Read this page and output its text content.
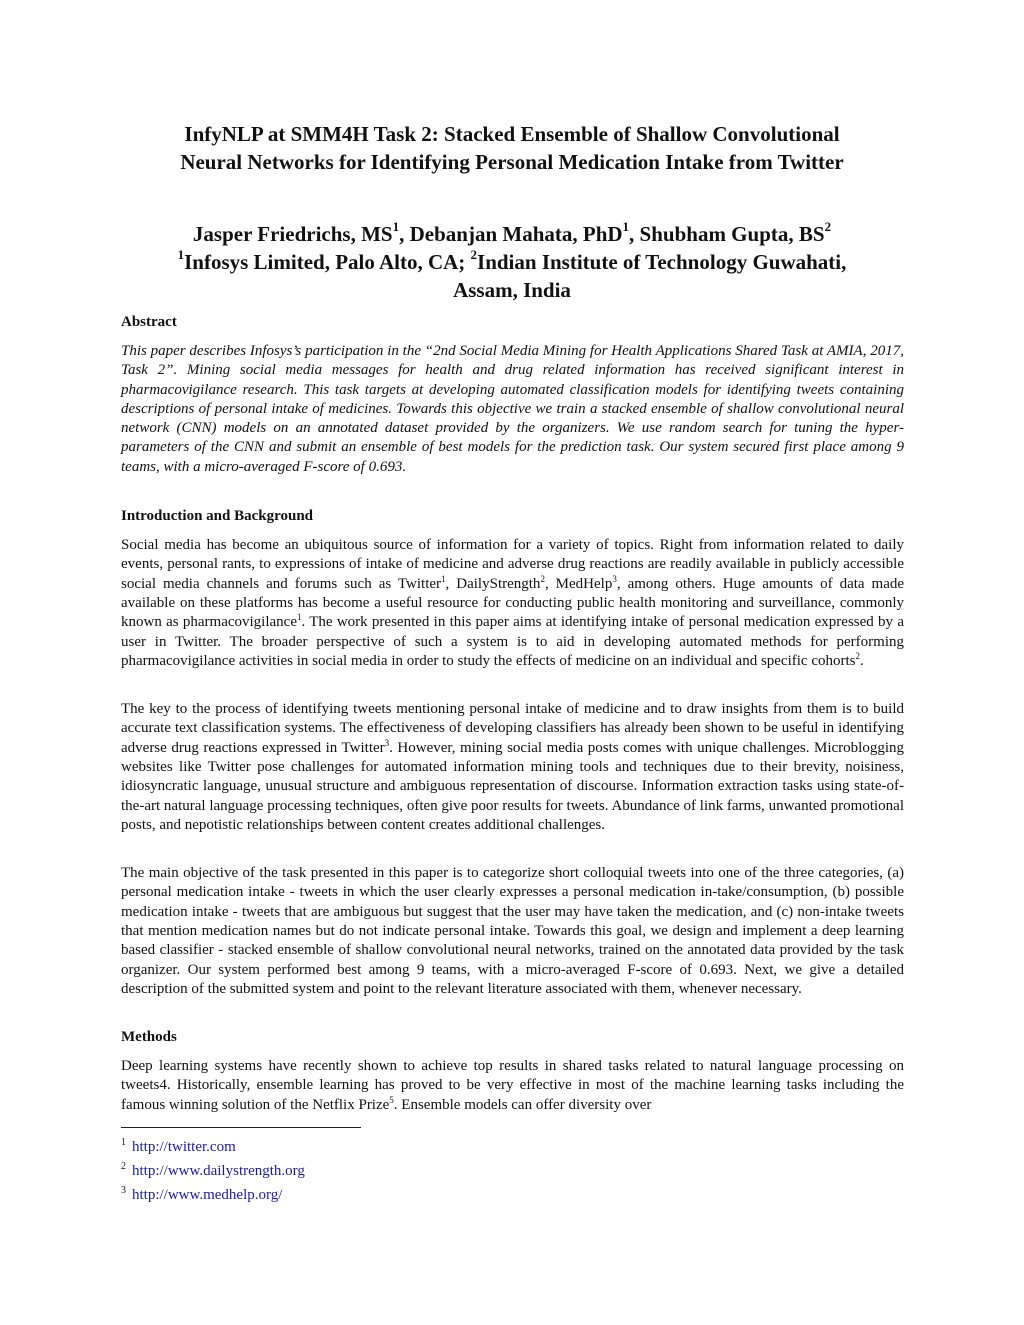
InfyNLP at SMM4H Task 2: Stacked Ensemble of Shallow Convolutional
Neural Networks for Identifying Personal Medication Intake from Twitter
Jasper Friedrichs, $MS^1$, Debanjan Mahata, PhD$^1$, Shubham Gupta, $BS^2$
$^1$Infosys Limited, Palo Alto, CA; $^2$Indian Institute of Technology Guwahati,
Assam, India
Abstract

This paper describes Infosys’s participation in the “2nd Social Media Mining for Health Applications Shared Task at AMIA, 2017, Task 2”. Mining social media messages for health and drug related information has received significant interest in pharmacovigilance research. This task targets at developing automated classification models for identifying tweets containing descriptions of personal intake of medicines. Towards this objective we train a stacked ensemble of shallow convolutional neural network (CNN) models on an annotated dataset provided by the organizers. We use random search for tuning the hyper-parameters of the CNN and submit an ensemble of best models for the prediction task. Our system secured first place among 9 teams, with a micro-averaged F-score of 0.693.

Introduction and Background

Social media has become an ubiquitous source of information for a variety of topics. Right from information related to daily events, personal rants, to expressions of intake of medicine and adverse drug reactions are readily available in publicly accessible social media channels and forums such as Twitter$^1$, DailyStrength$^2$, MedHelp$^3$, among others. Huge amounts of data made available on these platforms has become a useful resource for conducting public health monitoring and surveillance, commonly known as pharmacovigilance$^1$. The work presented in this paper aims at identifying intake of personal medication expressed by a user in Twitter. The broader perspective of such a system is to aid in developing automated methods for performing pharmacovigilance activities in social media in order to study the effects of medicine on an individual and specific cohorts$^2$.

The key to the process of identifying tweets mentioning personal intake of medicine and to draw insights from them is to build accurate text classification systems. The effectiveness of developing classifiers has already been shown to be useful in identifying adverse drug reactions expressed in Twitter$^3$. However, mining social media posts comes with unique challenges. Microblogging websites like Twitter pose challenges for automated information mining tools and techniques due to their brevity, noisiness, idiosyncratic language, unusual structure and ambiguous representation of discourse. Information extraction tasks using state-of-the-art natural language processing techniques, often give poor results for tweets. Abundance of link farms, unwanted promotional posts, and nepotistic relationships between content creates additional challenges.

The main objective of the task presented in this paper is to categorize short colloquial tweets into one of the three categories, (a) personal medication intake - tweets in which the user clearly expresses a personal medication in-take/consumption, (b) possible medication intake - tweets that are ambiguous but suggest that the user may have taken the medication, and (c) non-intake tweets that mention medication names but do not indicate personal intake. Towards this goal, we design and implement a deep learning based classifier - stacked ensemble of shallow convolutional neural networks, trained on the annotated data provided by the task organizer. Our system performed best among 9 teams, with a micro-averaged F-score of 0.693. Next, we give a detailed description of the submitted system and point to the relevant literature associated with them, whenever necessary.

Methods

Deep learning systems have recently shown to achieve top results in shared tasks related to natural language processing on tweets4. Historically, ensemble learning has proved to be very effective in most of the machine learning tasks including the famous winning solution of the Netflix Prize$^5$. Ensemble models can offer diversity over

$^1$ http://twitter.com

$^2$ http://www.dailystrength.org

$^3$ http://www.medhelp.org/
